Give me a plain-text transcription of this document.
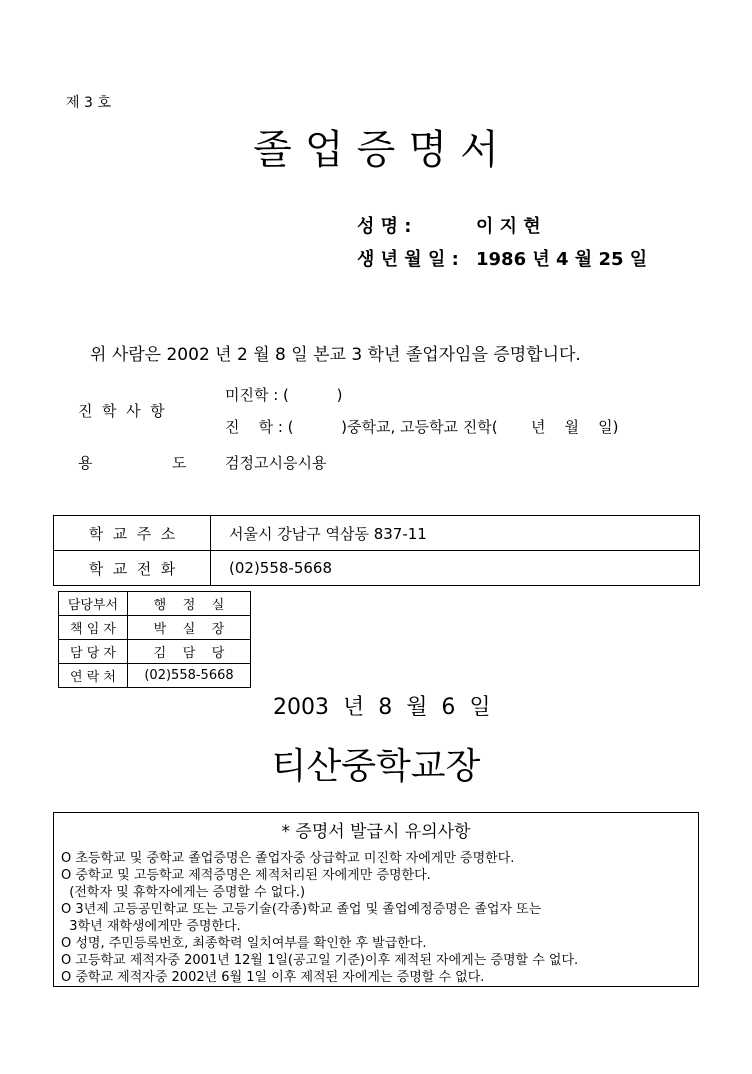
제 3 호
졸 업 증 명 서
성 명 :	이 지 현
생 년 월 일 : 1986 년 4 월 25 일
위 사람은 2002 년 2 월 8 일 본교 3 학년 졸업자임을 증명합니다.
진  학  사  항
미진학 : (          )
진    학 : (          )중학교, 고등학교 진학(       년    월    일)
용	도	검정고시응시용
학  교  주  소	서울시 강남구 역삼동 837-11
학  교  전  화	(02)558-5668
담당부서	행    정    실
책 임 자	박    실    장
담 당 자	김    담    당
연 락 처	(02)558-5668
2003  년  8  월  6  일
티산중학교장
* 증명서 발급시 유의사항
O 초등학교 및 중학교 졸업증명은 졸업자중 상급학교 미진학 자에게만 증명한다.
O 중학교 및 고등학교 제적증명은 제적처리된 자에게만 증명한다.
(전학자 및 휴학자에게는 증명할 수 없다.)
O 3년제 고등공민학교 또는 고등기술(각종)학교 졸업 및 졸업예정증명은 졸업자 또는
3학년 재학생에게만 증명한다.
O 성명, 주민등록번호, 최종학력 일치여부를 확인한 후 발급한다.
O 고등학교 제적자중 2001년 12월 1일(공고일 기준)이후 제적된 자에게는 증명할 수 없다.
O 중학교 제적자중 2002년 6월 1일 이후 제적된 자에게는 증명할 수 없다.
